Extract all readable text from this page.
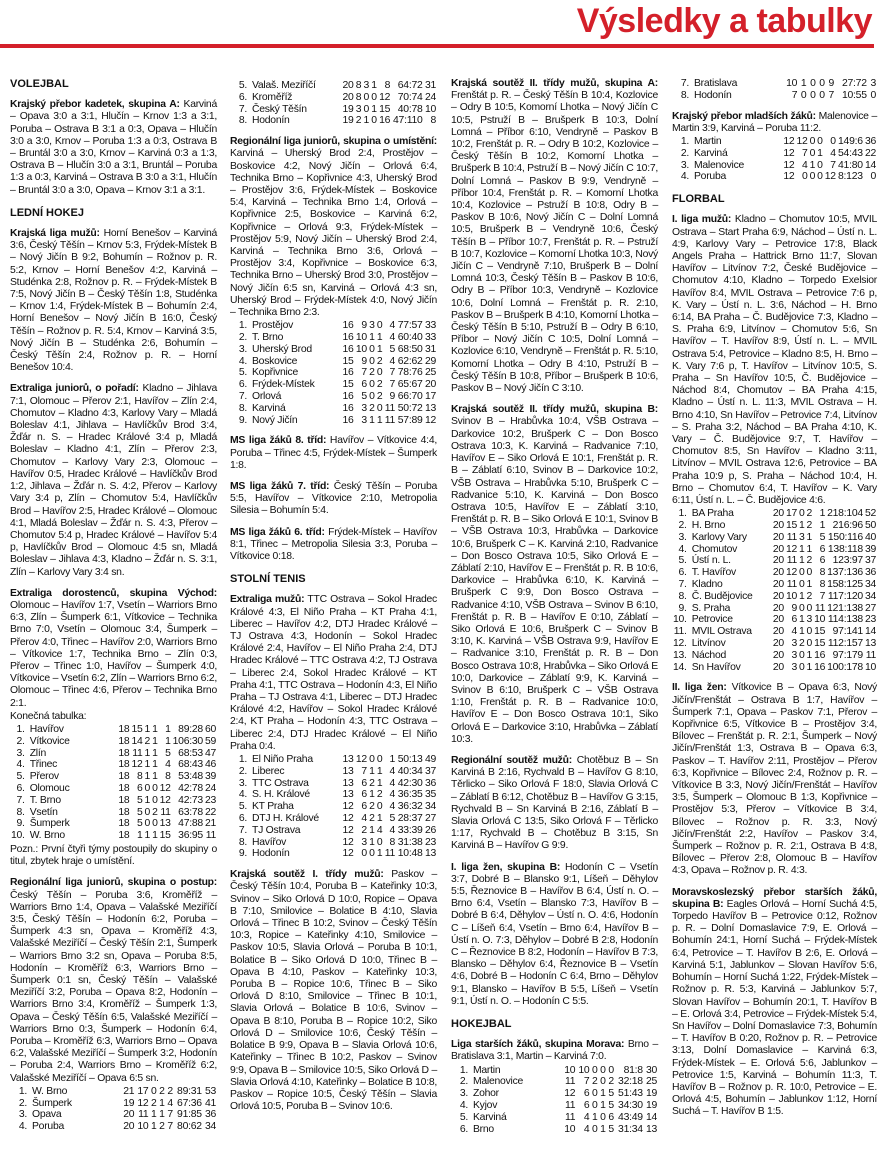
Výsledky a tabulky
VOLEJBAL

Krajský přebor kadetek, skupina A: Karviná – Opava 3:0 a 3:1, Hlučín – Krnov 1:3 a 3:1, Poruba – Ostrava B 3:1 a 0:3, Opava – Hlučín 3:0 a 3:0, Krnov – Poruba 1:3 a 0:3, Ostrava B – Bruntál 3:0 a 3:0, Krnov – Karviná 0:3 a 1:3, Ostrava B – Hlučín 3:0 a 3:1, Bruntál – Poruba 1:3 a 0:3, Karviná – Ostrava B 3:0 a 3:1, Hlučín – Bruntál 3:0 a 3:0, Opava – Krnov 3:1 a 3:1.

LEDNÍ HOKEJ

Krajská liga mužů: Horní Benešov – Karviná 3:6, Český Těšín – Krnov 5:3, Frýdek-Místek B – Nový Jičín B 9:2, Bohumín – Rožnov p. R. 5:2, Krnov – Horní Benešov 4:2, Karviná – Studénka 2:8, Rožnov p. R. – Frýdek-Místek B 7:5, Nový Jičín B – Český Těšín 1:8, Studénka – Krnov 1:4, Frýdek-Místek B – Bohumín 2:4, Horní Benešov – Nový Jičín B 16:0, Český Těšín – Rožnov p. R. 5:4, Krnov – Karviná 3:5, Nový Jičín B – Studénka 2:6, Bohumín – Český Těšín 2:4, Rožnov p. R. – Horní Benešov 10:4.

Extraliga juniorů, o pořadí: Kladno – Jihlava 7:1, Olomouc – Přerov 2:1, Havířov – Zlín 2:4, Chomutov – Kladno 4:3, Karlovy Vary – Mladá Boleslav 4:1, Jihlava – Havlíčkův Brod 3:4, Žďár n. S. – Hradec Králové 3:4 p, Mladá Boleslav – Kladno 4:1, Zlín – Přerov 2:3, Chomutov – Karlovy Vary 2:3, Olomouc – Havířov 0:5, Hradec Králové – Havlíčkův Brod 1:2, Jihlava – Žďár n. S. 4:2, Přerov – Karlovy Vary 3:4 p, Zlín – Chomutov 5:4, Havlíčkův Brod – Havířov 2:5, Hradec Králové – Olomouc 4:1, Mladá Boleslav – Žďár n. S. 4:3, Přerov – Chomutov 5:4 p, Hradec Králové – Havířov 5:4 p, Havlíčkův Brod – Olomouc 4:5 sn, Mladá Boleslav – Jihlava 4:3, Kladno – Žďár n. S. 3:1, Zlín – Karlovy Vary 3:4 sn.

Extraliga dorostenců, skupina Východ: Olomouc – Havířov 1:7, Vsetín – Warriors Brno 6:3, Zlín – Šumperk 6:1, Vítkovice – Technika Brno 7:0, Vsetín – Olomouc 3:4, Šumperk – Přerov 4:0, Třinec – Havířov 2:0, Warriors Brno – Vítkovice 1:7, Technika Brno – Zlín 0:3, Přerov – Třinec 1:0, Havířov – Šumperk 4:0, Vítkovice – Vsetín 6:2, Zlín – Warriors Brno 6:2, Olomouc – Třinec 4:6, Přerov – Technika Brno 2:1.

Konečná tabulka:

1.	Havířov	18	15	1	1	1	89:28	60
2.	Vítkovice	18	14	2	1	1	106:30	59
3.	Zlín	18	11	1	1	5	68:53	47
4.	Třinec	18	12	1	1	4	68:43	46
5.	Přerov	18	8	1	1	8	53:48	39
6.	Olomouc	18	6	0	0	12	42:78	24
7.	T. Brno	18	5	1	0	12	42:73	23
8.	Vsetín	18	5	0	2	11	63:78	22
9.	Šumperk	18	5	0	0	13	47:88	21
10.	W. Brno	18	1	1	1	15	36:95	11

Pozn.: První čtyři týmy postoupily do skupiny o titul, zbytek hraje o umístění.

Regionální liga juniorů, skupina o postup: Český Těšín – Poruba 3:6, Kroměříž – Warriors Brno 1:4, Opava – Valašské Meziříčí 3:5, Český Těšín – Hodonín 6:2, Poruba – Šumperk 4:3 sn, Opava – Kroměříž 4:3, Valašské Meziříčí – Český Těšín 2:1, Šumperk – Warriors Brno 3:2 sn, Opava – Poruba 8:5, Hodonín – Kroměříž 6:3, Warriors Brno – Šumperk 0:1 sn, Český Těšín – Valašské Meziříčí 3:2, Poruba – Opava 8:2, Hodonín – Warriors Brno 3:4, Kroměříž – Šumperk 1:3, Opava – Český Těšín 6:5, Valašské Meziříčí – Warriors Brno 0:3, Šumperk – Hodonín 6:4, Poruba – Kroměříž 6:3, Warriors Brno – Opava 6:2, Valašské Meziříčí – Šumperk 3:2, Hodonín – Poruba 2:4, Warriors Brno – Kroměříž 6:2, Valašské Meziříčí – Opava 6:5 sn.

1.	W. Brno	21	17	0	2	2	89:31	53
2.	Šumperk	19	12	2	1	4	67:36	41
3.	Opava	20	11	1	1	7	91:85	36
4.	Poruba	20	10	1	2	7	80:62	34
5.	Valaš. Meziříčí	20	8	3	1	8	64:72	31
6.	Kroměříž	20	8	0	0	12	70:74	24
7.	Český Těšín	19	3	0	1	15	40:78	10
8.	Hodonín	19	2	1	0	16	47:110	8

Regionální liga juniorů, skupina o umístění: Karviná – Uherský Brod 2:4, Prostějov – Boskovice 4:2, Nový Jičín – Orlová 6:4, Technika Brno – Kopřivnice 4:3, Uherský Brod – Prostějov 3:6, Frýdek-Místek – Boskovice 5:4, Karviná – Technika Brno 1:4, Orlová – Kopřivnice 2:5, Boskovice – Karviná 6:2, Kopřivnice – Orlová 9:3, Frýdek-Místek – Prostějov 5:9, Nový Jičín – Uherský Brod 2:4, Karviná – Technika Brno 3:6, Orlová – Prostějov 3:4, Kopřivnice – Boskovice 6:3, Technika Brno – Uherský Brod 3:0, Prostějov – Nový Jičín 6:5 sn, Karviná – Orlová 4:3 sn, Uherský Brod – Frýdek-Místek 4:0, Nový Jičín – Technika Brno 2:3.

1.	Prostějov	16	9	3	0	4	77:57	33
2.	T. Brno	16	10	1	1	4	60:40	33
3.	Uherský Brod	16	10	0	1	5	68:50	31
4.	Boskovice	15	9	0	2	4	62:62	29
5.	Kopřivnice	16	7	2	0	7	78:76	25
6.	Frýdek-Místek	15	6	0	2	7	65:67	20
7.	Orlová	16	5	0	2	9	66:70	17
8.	Karviná	16	3	2	0	11	50:72	13
9.	Nový Jičín	16	3	1	1	11	57:89	12

MS liga žáků 8. tříd: Havířov – Vítkovice 4:4, Poruba – Třinec 4:5, Frýdek-Místek – Šumperk 1:8.

MS liga žáků 7. tříd: Český Těšín – Poruba 5:5, Havířov – Vítkovice 2:10, Metropolia Silesia – Bohumín 5:4.

MS liga žáků 6. tříd: Frýdek-Místek – Havířov 8:1, Třinec – Metropolia Silesia 3:3, Poruba – Vítkovice 0:18.

STOLNÍ TENIS

Extraliga mužů: TTC Ostrava – Sokol Hradec Králové 4:3, El Niño Praha – KT Praha 4:1, Liberec – Havířov 4:2, DTJ Hradec Králové – TJ Ostrava 4:3, Hodonín – Sokol Hradec Králové 2:4, Havířov – El Niño Praha 2:4, DTJ Hradec Králové – TTC Ostrava 4:2, TJ Ostrava – Liberec 2:4, Sokol Hradec Králové – KT Praha 4:1, TTC Ostrava – Hodonín 4:3, El Niño Praha – TJ Ostrava 4:1, Liberec – DTJ Hradec Králové 4:2, Havířov – Sokol Hradec Králové 2:4, KT Praha – Hodonín 4:3, TTC Ostrava – Liberec 2:4, DTJ Hradec Králové – El Niño Praha 0:4.

1.	El Niño Praha	13	12	0	0	1	50:13	49
2.	Liberec	13	7	1	1	4	40:34	37
3.	TTC Ostrava	13	6	2	1	4	42:30	36
4.	S. H. Králové	13	6	1	2	4	36:35	35
5.	KT Praha	12	6	2	0	4	36:32	34
6.	DTJ H. Králové	12	4	2	1	5	28:37	27
7.	TJ Ostrava	12	2	1	4	4	33:39	26
8.	Havířov	12	3	1	0	8	31:38	23
9.	Hodonín	12	0	0	1	11	10:48	13

Krajská soutěž I. třídy mužů: Paskov – Český Těšín 10:4, Poruba B – Kateřinky 10:3, Svinov – Siko Orlová D 10:0, Ropice – Opava B 7:10, Smilovice – Bolatice B 4:10, Slavia Orlová – Třinec B 10:2, Svinov – Český Těšín 10:3, Ropice – Kateřinky 4:10, Smilovice – Paskov 10:5, Slavia Orlová – Poruba B 10:1, Bolatice B – Siko Orlová D 10:0, Třinec B – Opava B 4:10, Paskov – Kateřinky 10:3, Poruba B – Ropice 10:6, Třinec B – Siko Orlová D 8:10, Smilovice – Třinec B 10:1, Slavia Orlová – Bolatice B 10:6, Svinov – Opava B 8:10, Poruba B – Ropice 10:2, Siko Orlová D – Smilovice 10:6, Český Těšín – Bolatice B 9:9, Opava B – Slavia Orlová 10:6, Kateřinky – Třinec B 10:2, Paskov – Svinov 9:9, Opava B – Smilovice 10:5, Siko Orlová D – Slavia Orlová 4:10, Kateřinky – Bolatice B 10:8, Paskov – Ropice 10:5, Český Těšín – Slavia Orlová 10:5, Poruba B – Svinov 10:6.

Krajská soutěž II. třídy mužů, skupina A: Frenštát p. R. – Český Těšín B 10:4, Kozlovice – Odry B 10:5, Komorní Lhotka – Nový Jičín C 10:5, Pstruží B – Brušperk B 10:3, Dolní Lomná – Příbor 6:10, Vendryně – Paskov B 10:2, Frenštát p. R. – Odry B 10:2, Kozlovice – Český Těšín B 10:2, Komorní Lhotka – Brušperk B 10:4, Pstruží B – Nový Jičín C 10:7, Dolní Lomná – Paskov B 9:9, Vendryně – Příbor 10:4, Frenštát p. R. – Komorní Lhotka 10:4, Kozlovice – Pstruží B 10:8, Odry B – Paskov B 10:6, Nový Jičín C – Dolní Lomná 10:5, Brušperk B – Vendryně 10:6, Český Těšín B – Příbor 10:7, Frenštát p. R. – Pstruží B 10:7, Kozlovice – Komorní Lhotka 10:3, Nový Jičín C – Vendryně 7:10, Brušperk B – Dolní Lomná 10:3, Český Těšín B – Paskov B 10:6, Odry B – Příbor 10:3, Vendryně – Kozlovice 10:6, Dolní Lomná – Frenštát p. R. 2:10, Paskov B – Brušperk B 4:10, Komorní Lhotka – Český Těšín B 5:10, Pstruží B – Odry B 6:10, Příbor – Nový Jičín C 10:5, Dolní Lomná – Kozlovice 6:10, Vendryně – Frenštát p. R. 5:10, Komorní Lhotka – Odry B 4:10, Pstruží B – Český Těšín B 10:8, Příbor – Brušperk B 10:6, Paskov B – Nový Jičín C 3:10.

Krajská soutěž II. třídy mužů, skupina B: Svinov B – Hrabůvka 10:4, VŠB Ostrava – Darkovice 10:2, Brušperk C – Don Bosco Ostrava 10:3, K. Karviná – Radvanice 7:10, Havířov E – Siko Orlová E 10:1, Frenštát p. R. B – Záblatí 6:10, Svinov B – Darkovice 10:2, VŠB Ostrava – Hrabůvka 5:10, Brušperk C – Radvanice 5:10, K. Karviná – Don Bosco Ostrava 10:5, Havířov E – Záblatí 3:10, Frenštát p. R. B – Siko Orlová E 10:1, Svinov B – VŠB Ostrava 10:3, Hrabůvka – Darkovice 10:6, Brušperk C – K. Karviná 2:10, Radvanice – Don Bosco Ostrava 10:5, Siko Orlová E – Záblatí 2:10, Havířov E – Frenštát p. R. B 10:6, Darkovice – Hrabůvka 6:10, K. Karviná – Brušperk C 9:9, Don Bosco Ostrava – Radvanice 4:10, VŠB Ostrava – Svinov B 6:10, Frenštát p. R. B – Havířov E 0:10, Záblatí – Siko Orlová E 10:6, Brušperk C – Svinov B 3:10, K. Karviná – VŠB Ostrava 9:9, Havířov E – Radvanice 3:10, Frenštát p. R. B – Don Bosco Ostrava 10:8, Hrabůvka – Siko Orlová E 10:0, Darkovice – Záblatí 9:9, K. Karviná – Svinov B 6:10, Brušperk C – VŠB Ostrava 1:10, Frenštát p. R. B – Radvanice 10:0, Havířov E – Don Bosco Ostrava 10:1, Siko Orlová E – Darkovice 3:10, Hrabůvka – Záblatí 10:3.

Regionální soutěž mužů: Chotěbuz B – Sn Karviná B 2:16, Rychvald B – Havířov G 8:10, Těrlicko – Siko Orlová F 18:0, Slavia Orlová C – Záblatí B 6:12, Chotěbuz B – Havířov G 3:15, Rychvald B – Sn Karviná B 2:16, Záblatí B – Slavia Orlová C 13:5, Siko Orlová F – Těrlicko 1:17, Rychvald B – Chotěbuz B 3:15, Sn Karviná B – Havířov G 9:9.

I. liga žen, skupina B: Hodonín C – Vsetín 3:7, Dobré B – Blansko 9:1, Líšeň – Děhylov 5:5, Řeznovice B – Havířov B 6:4, Ústí n. O. – Brno 6:4, Vsetín – Blansko 7:3, Havířov B – Dobré B 6:4, Děhylov – Ústí n. O. 4:6, Hodonín C – Líšeň 6:4, Vsetín – Brno 6:4, Havířov B – Ústí n. O. 7:3, Děhylov – Dobré B 2:8, Hodonín C – Řeznovice B 8:2, Hodonín – Havířov B 7:3, Blansko – Děhylov 6:4, Řeznovice B – Vsetín 4:6, Dobré B – Hodonín C 6:4, Brno – Děhylov 9:1, Blansko – Havířov B 5:5, Líšeň – Vsetín 9:1, Ústí n. O. – Hodonín C 5:5.

HOKEJBAL

Liga starších žáků, skupina Morava: Brno – Bratislava 3:1, Martin – Karviná 7:0.

1.	Martin	10	10	0	0	0	81:8	30
2.	Malenovice	11	7	2	0	2	32:18	25
3.	Zohor	12	6	0	1	5	51:43	19
4.	Kyjov	11	6	0	1	5	34:30	19
5.	Karviná	11	4	1	0	6	43:49	14
6.	Brno	10	4	0	1	5	31:34	13
7.	Bratislava	10	1	0	0	9	27:72	3
8.	Hodonín	7	0	0	0	7	10:55	0

Krajský přebor mladších žáků: Malenovice – Martin 3:9, Karviná – Poruba 11:2.

1.	Martin	12	12	0	0	0	149:6	36
2.	Karviná	12	7	0	1	4	54:43	22
3.	Malenovice	12	4	1	0	7	41:80	14
4.	Poruba	12	0	0	0	12	8:123	0
FLORBAL

I. liga mužů: Kladno – Chomutov 10:5, MVIL Ostrava – Start Praha 6:9, Náchod – Ústí n. L. 4:9, Karlovy Vary – Petrovice 17:8, Black Angels Praha – Hattrick Brno 11:7, Slovan Havířov – Litvínov 7:2, České Budějovice – Chomutov 4:10, Kladno – Torpedo Exelsior Havířov 8:4, MVIL Ostrava – Petrovice 7:6 p, K. Vary – Ústí n. L. 3:6, Náchod – H. Brno 6:14, BA Praha – Č. Budějovice 7:3, Kladno – S. Praha 6:9, Litvínov – Chomutov 5:6, Sn Havířov – T. Havířov 8:9, Ústí n. L. – MVIL Ostrava 5:4, Petrovice – Kladno 8:5, H. Brno – K. Vary 7:6 p, T. Havířov – Litvínov 10:5, S. Praha – Sn Havířov 10:5, Č. Budějovice – Náchod 8:4, Chomutov – BA Praha 4:15, Kladno – Ústí n. L. 11:3, MVIL Ostrava – H. Brno 4:10, Sn Havířov – Petrovice 7:4, Litvínov – S. Praha 3:2, Náchod – BA Praha 4:10, K. Vary – Č. Budějovice 9:7, T. Havířov – Chomutov 8:5, Sn Havířov – Kladno 3:11, Litvínov – MVIL Ostrava 12:6, Petrovice – BA Praha 10:9 p, S. Praha – Náchod 10:4, H. Brno – Chomutov 6:4, T. Havířov – K. Vary 6:11, Ústí n. L. – Č. Budějovice 4:6.

1.	BA Praha	20	17	0	2	1	218:104	52
2.	H. Brno	20	15	1	2	1	216:96	50
3.	Karlovy Vary	20	11	3	1	5	150:116	40
4.	Chomutov	20	12	1	1	6	138:118	39
5.	Ústí n. L.	20	11	1	2	6	123:97	37
6.	T. Havířov	20	12	0	0	8	137:136	36
7.	Kladno	20	11	0	1	8	158:125	34
8.	Č. Budějovice	20	10	1	2	7	117:120	34
9.	S. Praha	20	9	0	0	11	121:138	27
10.	Petrovice	20	6	1	3	10	114:138	23
11.	MVIL Ostrava	20	4	1	0	15	97:141	14
12.	Litvínov	20	3	2	0	15	112:157	13
13.	Náchod	20	3	0	1	16	97:179	11
14.	Sn Havířov	20	3	0	1	16	100:178	10

II. liga žen: Vítkovice B – Opava 6:3, Nový Jičín/Frenštát – Ostrava B 1:7, Havířov – Šumperk 7:1, Opava – Paskov 7:1, Přerov – Kopřivnice 6:5, Vítkovice B – Prostějov 3:4, Bílovec – Frenštát p. R. 2:1, Šumperk – Nový Jičín/Frenštát 1:3, Ostrava B – Opava 6:3, Paskov – T. Havířov 2:11, Prostějov – Přerov 6:3, Kopřivnice – Bílovec 2:4, Rožnov p. R. – Vítkovice B 3:3, Nový Jičín/Frenštát – Havířov 3:5, Šumperk – Olomouc B 1:3, Kopřivnice – Prostějov 5:3, Přerov – Vítkovice B 3:4, Bílovec – Rožnov p. R. 3:3, Nový Jičín/Frenštát 2:2, Havířov – Paskov 3:4, Šumperk – Rožnov p. R. 2:1, Ostrava B 4:8, Bílovec – Přerov 2:8, Olomouc B – Havířov 4:3, Opava – Rožnov p. R. 4:3.

Moravskoslezský přebor starších žáků, skupina B: Eagles Orlová – Horní Suchá 4:5, Torpedo Havířov B – Petrovice 0:12, Rožnov p. R. – Dolní Domaslavice 7:9, E. Orlová – Bohumín 24:1, Horní Suchá – Frýdek-Místek 6:4, Petrovice – T. Havířov B 2:6, E. Orlová – Karviná 5:1, Jablunkov – Slovan Havířov 5:6, Bohumín – Horní Suchá 1:22, Frýdek-Místek – Rožnov p. R. 5:3, Karviná – Jablunkov 5:7, Slovan Havířov – Bohumín 20:1, T. Havířov B – E. Orlová 3:4, Petrovice – Frýdek-Místek 5:4, Sn Havířov – Dolní Domaslavice 7:3, Bohumín – T. Havířov B 0:20, Rožnov p. R. – Petrovice 3:13, Dolní Domaslavice – Karviná 6:3, Frýdek-Místek – E. Orlová 5:6, Jablunkov – Petrovice 1:5, Karviná – Bohumín 11:3, T. Havířov B – Rožnov p. R. 10:0, Petrovice – E. Orlová 4:5, Bohumín – Jablunkov 1:12, Horní Suchá – T. Havířov B 1:5.
